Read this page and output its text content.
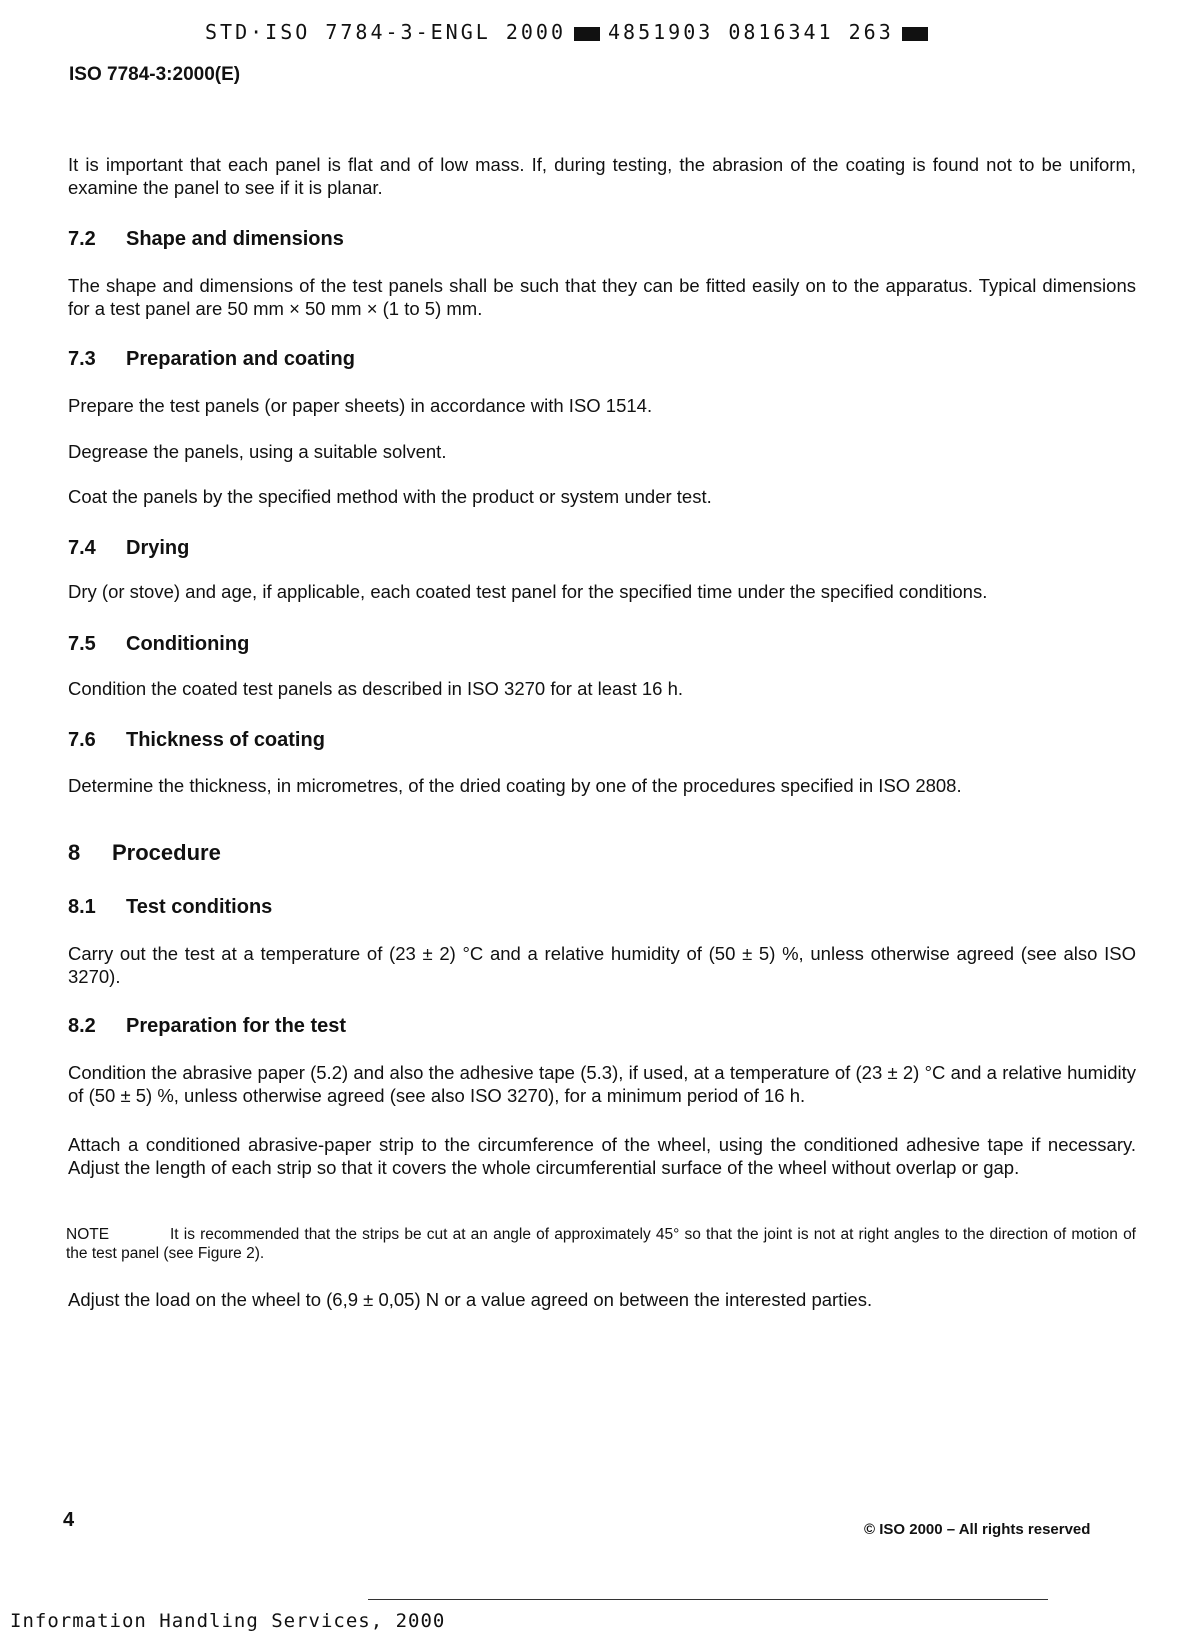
STD·ISO 7784-3-ENGL 2000 4851903 0816341 263
ISO 7784-3:2000(E)
It is important that each panel is flat and of low mass. If, during testing, the abrasion of the coating is found not to be uniform, examine the panel to see if it is planar.
7.2 Shape and dimensions
The shape and dimensions of the test panels shall be such that they can be fitted easily on to the apparatus. Typical dimensions for a test panel are 50 mm × 50 mm × (1 to 5) mm.
7.3 Preparation and coating
Prepare the test panels (or paper sheets) in accordance with ISO 1514.
Degrease the panels, using a suitable solvent.
Coat the panels by the specified method with the product or system under test.
7.4 Drying
Dry (or stove) and age, if applicable, each coated test panel for the specified time under the specified conditions.
7.5 Conditioning
Condition the coated test panels as described in ISO 3270 for at least 16 h.
7.6 Thickness of coating
Determine the thickness, in micrometres, of the dried coating by one of the procedures specified in ISO 2808.
8 Procedure
8.1 Test conditions
Carry out the test at a temperature of (23 ± 2) °C and a relative humidity of (50 ± 5) %, unless otherwise agreed (see also ISO 3270).
8.2 Preparation for the test
Condition the abrasive paper (5.2) and also the adhesive tape (5.3), if used, at a temperature of (23 ± 2) °C and a relative humidity of (50 ± 5) %, unless otherwise agreed (see also ISO 3270), for a minimum period of 16 h.
Attach a conditioned abrasive-paper strip to the circumference of the wheel, using the conditioned adhesive tape if necessary. Adjust the length of each strip so that it covers the whole circumferential surface of the wheel without overlap or gap.
NOTE	It is recommended that the strips be cut at an angle of approximately 45° so that the joint is not at right angles to the direction of motion of the test panel (see Figure 2).
Adjust the load on the wheel to (6,9 ± 0,05) N or a value agreed on between the interested parties.
4	© ISO 2000 – All rights reserved
Information Handling Services, 2000
